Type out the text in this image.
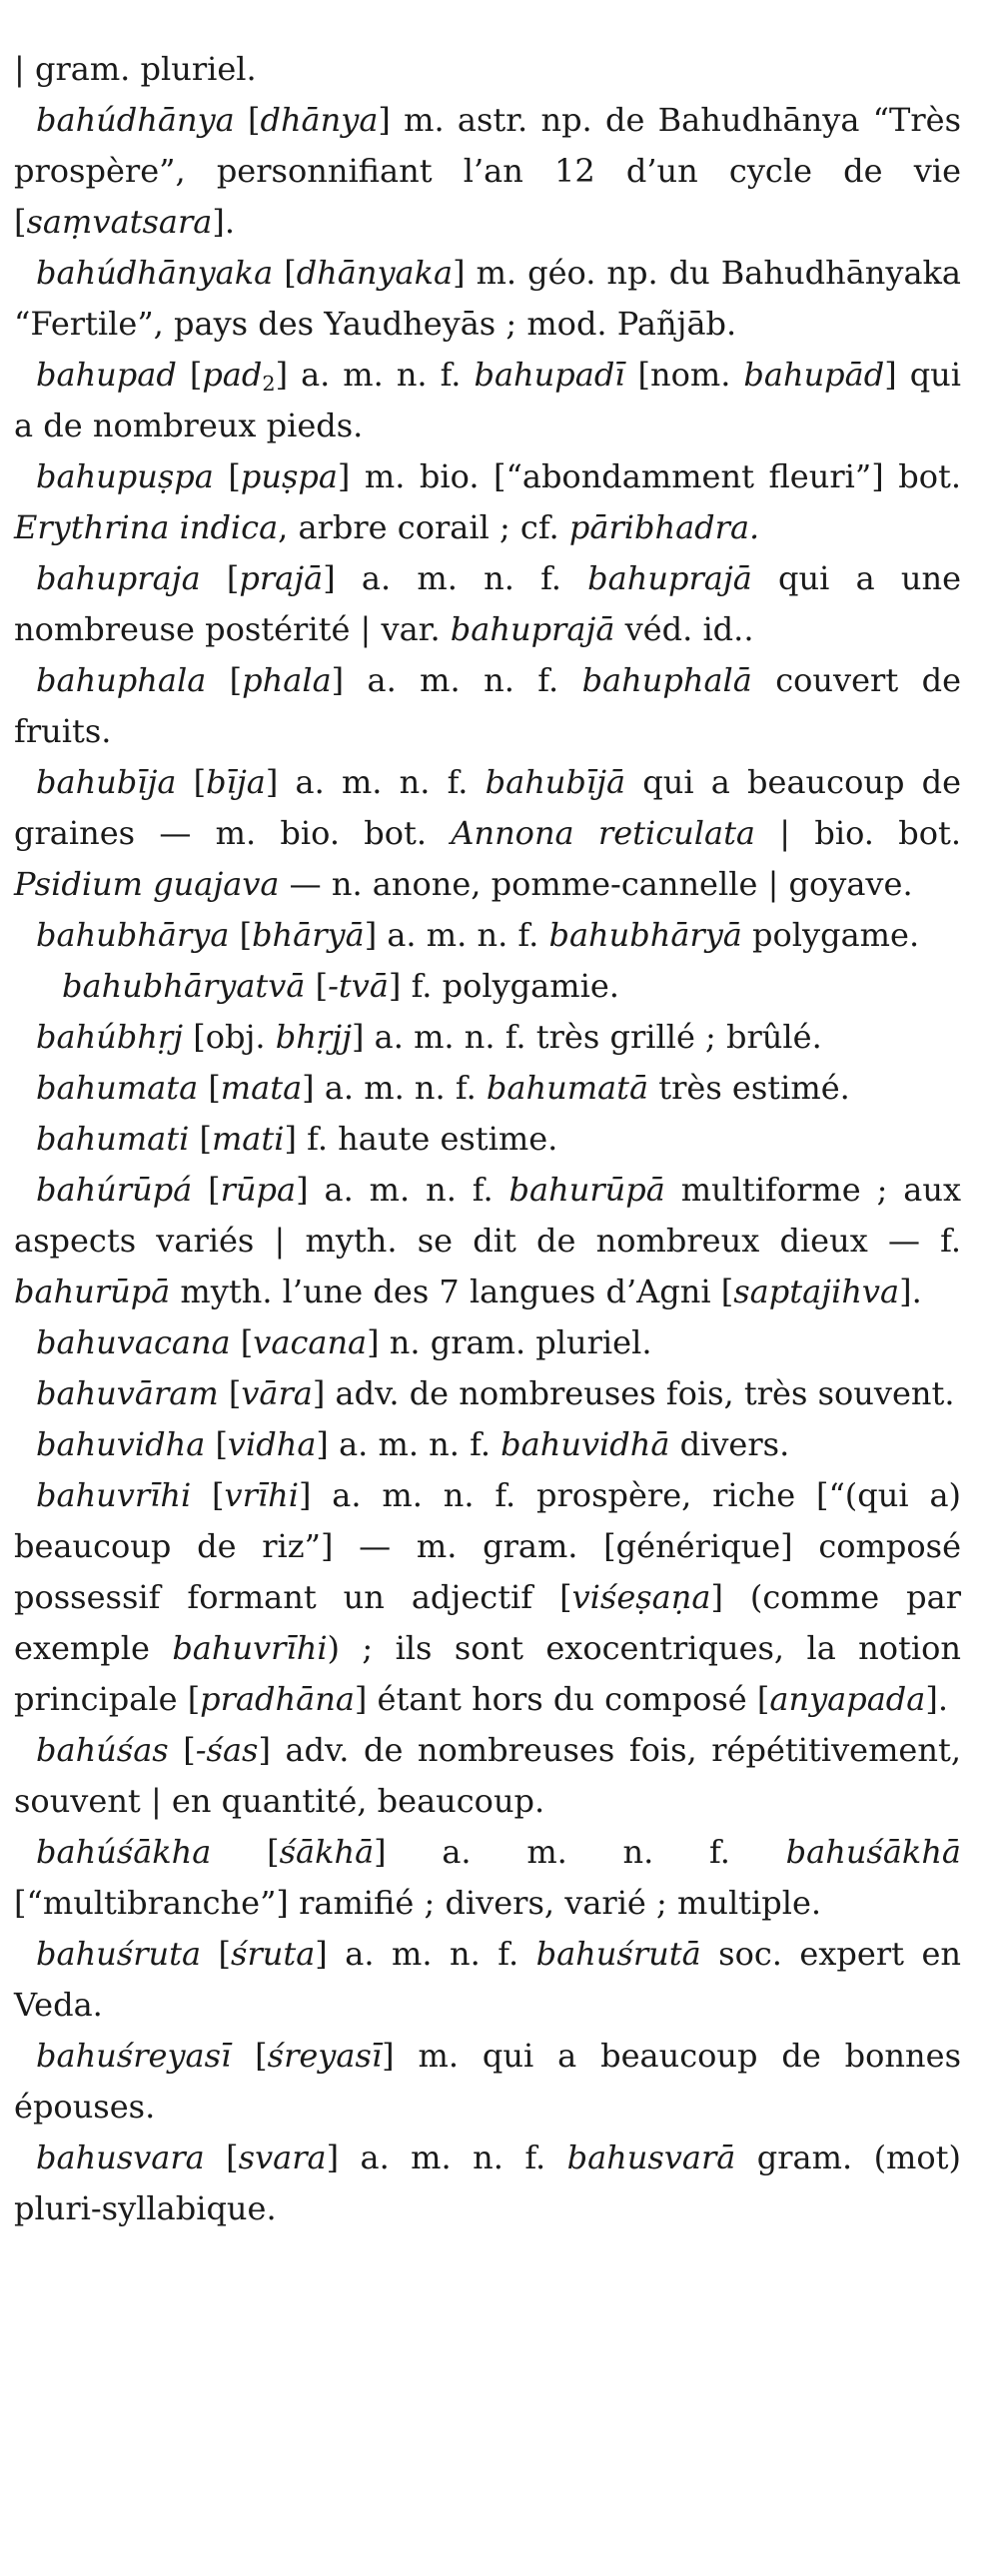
| gram. pluriel.

bahúdhānya [dhānya] m. astr. np. de Bahudhānya “Très prospère”, personnifiant l’an 12 d’un cycle de vie [saṃvatsara].

bahúdhānyaka [dhānyaka] m. géo. np. du Bahudhānyaka “Fertile”, pays des Yaudheyās ; mod. Pañjāb.

bahupad [pad2] a. m. n. f. bahupadī [nom. bahupād] qui a de nombreux pieds.

bahupuṣpa [puṣpa] m. bio. [“abondamment fleuri”] bot. Erythrina indica, arbre corail ; cf. pāribhadra.

bahupraja [prajā] a. m. n. f. bahuprajā qui a une nombreuse postérité | var. bahuprajā véd. id..

bahuphala [phala] a. m. n. f. bahuphalā couvert de fruits.

bahubīja [bīja] a. m. n. f. bahubījā qui a beaucoup de graines — m. bio. bot. Annona reticulata | bio. bot. Psidium guajava — n. anone, pomme-cannelle | goyave.

bahubhārya [bhāryā] a. m. n. f. bahubhāryā polygame.

bahubhāryatvā [-tvā] f. polygamie.

bahúbhṛj [obj. bhṛjj] a. m. n. f. très grillé ; brûlé.

bahumata [mata] a. m. n. f. bahumatā très estimé.

bahumati [mati] f. haute estime.

bahúrūpá [rūpa] a. m. n. f. bahurūpā multiforme ; aux aspects variés | myth. se dit de nombreux dieux — f. bahurūpā myth. l’une des 7 langues d’Agni [saptajihva].

bahuvacana [vacana] n. gram. pluriel.

bahuvāram [vāra] adv. de nombreuses fois, très souvent.

bahuvidha [vidha] a. m. n. f. bahuvidhā divers.

bahuvrīhi [vrīhi] a. m. n. f. prospère, riche [“(qui a) beaucoup de riz”] — m. gram. [générique] composé possessif formant un adjectif [viśeṣaṇa] (comme par exemple bahuvrīhi) ; ils sont exocentriques, la notion principale [pradhāna] étant hors du composé [anyapada].

bahúśas [-śas] adv. de nombreuses fois, répétitivement, souvent | en quantité, beaucoup.

bahúśākha [śākhā] a. m. n. f. bahuśākhā [“multibranche”] ramifié ; divers, varié ; multiple.

bahuśruta [śruta] a. m. n. f. bahuśrutā soc. expert en Veda.

bahuśreyasī [śreyasī] m. qui a beaucoup de bonnes épouses.

bahusvara [svara] a. m. n. f. bahusvarā gram. (mot) pluri-syllabique.
